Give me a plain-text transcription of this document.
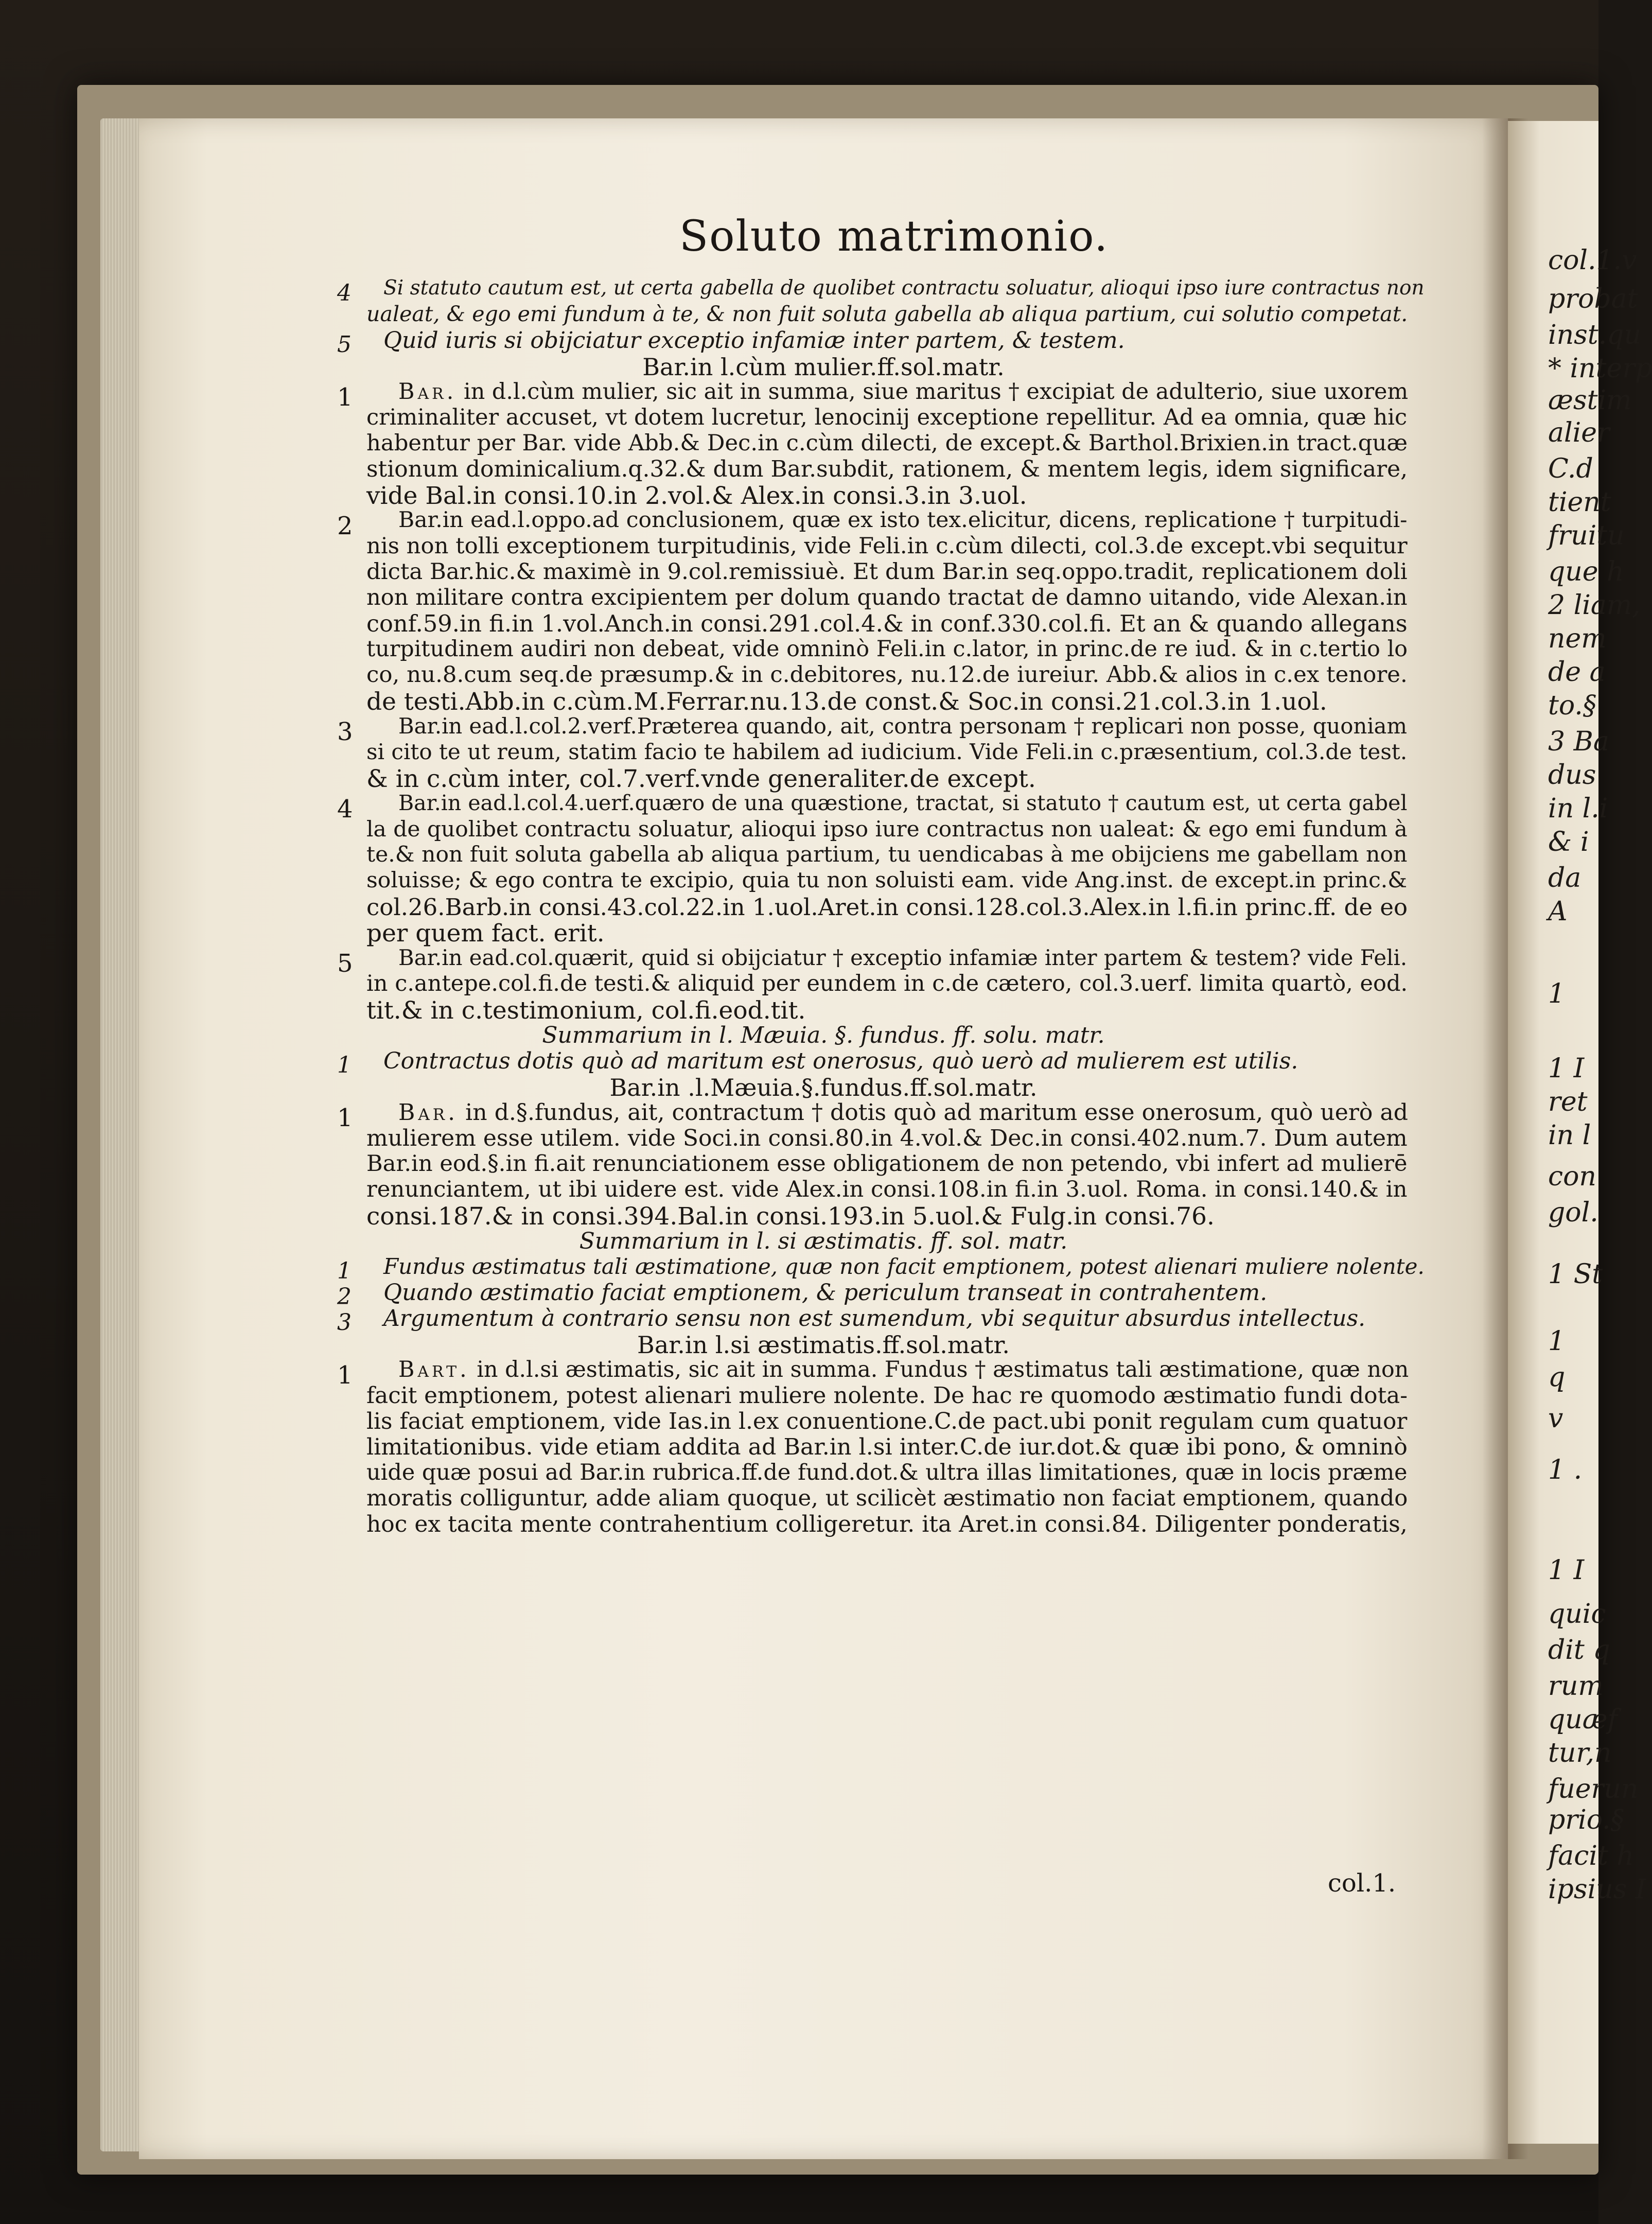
Soluto matrimonio.
Si statuto cautum est, ut certa gabella de quolibet contractu soluatur, alioqui ipso iure contractus non
4
ualeat, & ego emi fundum à te, & non fuit soluta gabella ab aliqua partium, cui solutio competat.
Quid iuris si obijciatur exceptio infamiæ inter partem, & testem.
5
Bar.in l.cùm mulier.ff.sol.matr.
Bar. in d.l.cùm mulier, sic ait in summa, siue maritus † excipiat de adulterio, siue uxorem
1
criminaliter accuset, vt dotem lucretur, lenocinij exceptione repellitur. Ad ea omnia, quæ hic
habentur per Bar. vide Abb.& Dec.in c.cùm dilecti, de except.& Barthol.Brixien.in tract.quæ
stionum dominicalium.q.32.& dum Bar.subdit, rationem, & mentem legis, idem significare,
vide Bal.in consi.10.in 2.vol.& Alex.in consi.3.in 3.uol.
Bar.in ead.l.oppo.ad conclusionem, quæ ex isto tex.elicitur, dicens, replicatione † turpitudi-
2
nis non tolli exceptionem turpitudinis, vide Feli.in c.cùm dilecti, col.3.de except.vbi sequitur
dicta Bar.hic.& maximè in 9.col.remissiuè. Et dum Bar.in seq.oppo.tradit, replicationem doli
non militare contra excipientem per dolum quando tractat de damno uitando, vide Alexan.in
conf.59.in fi.in 1.vol.Anch.in consi.291.col.4.& in conf.330.col.fi. Et an & quando allegans
turpitudinem audiri non debeat, vide omninò Feli.in c.lator, in princ.de re iud. & in c.tertio lo
co, nu.8.cum seq.de præsump.& in c.debitores, nu.12.de iureiur. Abb.& alios in c.ex tenore.
de testi.Abb.in c.cùm.M.Ferrar.nu.13.de const.& Soc.in consi.21.col.3.in 1.uol.
Bar.in ead.l.col.2.verf.Præterea quando, ait, contra personam † replicari non posse, quoniam
3
si cito te ut reum, statim facio te habilem ad iudicium. Vide Feli.in c.præsentium, col.3.de test.
& in c.cùm inter, col.7.verf.vnde generaliter.de except.
Bar.in ead.l.col.4.uerf.quæro de una quæstione, tractat, si statuto † cautum est, ut certa gabel
4
la de quolibet contractu soluatur, alioqui ipso iure contractus non ualeat: & ego emi fundum à
te.& non fuit soluta gabella ab aliqua partium, tu uendicabas à me obijciens me gabellam non
soluisse; & ego contra te excipio, quia tu non soluisti eam. vide Ang.inst. de except.in princ.&
col.26.Barb.in consi.43.col.22.in 1.uol.Aret.in consi.128.col.3.Alex.in l.fi.in princ.ff. de eo
per quem fact. erit.
Bar.in ead.col.quærit, quid si obijciatur † exceptio infamiæ inter partem & testem? vide Feli.
5
in c.antepe.col.fi.de testi.& aliquid per eundem in c.de cætero, col.3.uerf. limita quartò, eod.
tit.& in c.testimonium, col.fi.eod.tit.
Summarium in l. Mæuia. §. fundus. ff. solu. matr.
Contractus dotis quò ad maritum est onerosus, quò uerò ad mulierem est utilis.
1
Bar.in .l.Mæuia.§.fundus.ff.sol.matr.
Bar. in d.§.fundus, ait, contractum † dotis quò ad maritum esse onerosum, quò uerò ad
1
mulierem esse utilem. vide Soci.in consi.80.in 4.vol.& Dec.in consi.402.num.7. Dum autem
Bar.in eod.§.in fi.ait renunciationem esse obligationem de non petendo, vbi infert ad mulierē
renunciantem, ut ibi uidere est. vide Alex.in consi.108.in fi.in 3.uol. Roma. in consi.140.& in
consi.187.& in consi.394.Bal.in consi.193.in 5.uol.& Fulg.in consi.76.
Summarium in l. si æstimatis. ff. sol. matr.
Fundus æstimatus tali æstimatione, quæ non facit emptionem, potest alienari muliere nolente.
1
Quando æstimatio faciat emptionem, & periculum transeat in contrahentem.
2
Argumentum à contrario sensu non est sumendum, vbi sequitur absurdus intellectus.
3
Bar.in l.si æstimatis.ff.sol.matr.
Bart. in d.l.si æstimatis, sic ait in summa. Fundus † æstimatus tali æstimatione, quæ non
1
facit emptionem, potest alienari muliere nolente. De hac re quomodo æstimatio fundi dota-
lis faciat emptionem, vide Ias.in l.ex conuentione.C.de pact.ubi ponit regulam cum quatuor
limitationibus. vide etiam addita ad Bar.in l.si inter.C.de iur.dot.& quæ ibi pono, & omninò
uide quæ posui ad Bar.in rubrica.ff.de fund.dot.& ultra illas limitationes, quæ in locis præme
moratis colliguntur, adde aliam quoque, ut scilicèt æstimatio non faciat emptionem, quando
hoc ex tacita mente contrahentium colligeretur. ita Aret.in consi.84. Diligenter ponderatis,
col.1.v
probat
inst.qu
* interp
æstim
alier
C.d
tient
fruitu
que h
2 liam,
nem
de a
to.§
3 Ba
dus
in l.i
& i
da
A
1
1 I
ret
in l
con
gol.
1 St
1
q
v
1 .
1 I
quic
dit q
rum
quæf
tur,n
fuerun
prio.§
facit h
ipsius I
col.1.
